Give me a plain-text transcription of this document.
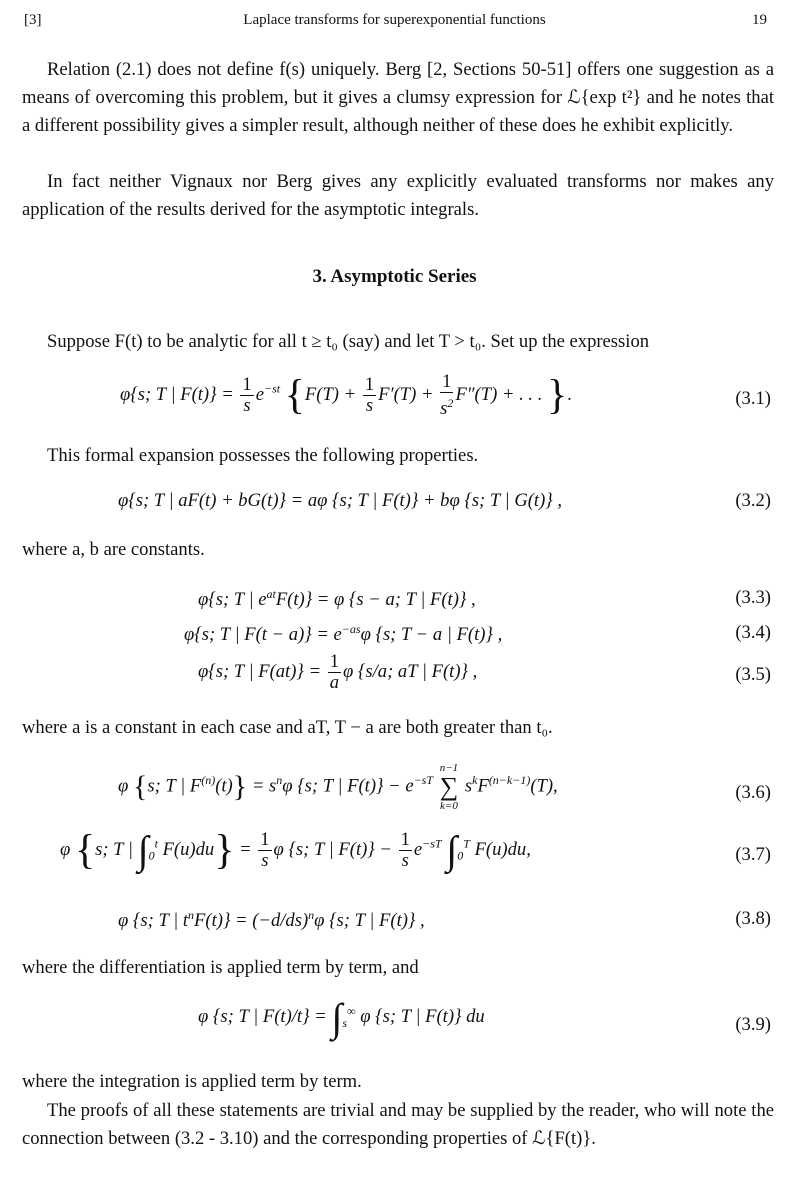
[3]	Laplace transforms for superexponential functions	19

Relation (2.1) does not define f(s) uniquely. Berg [2, Sections 50-51] offers one suggestion as a means of overcoming this problem, but it gives a clumsy expression for ℒ{exp t²} and he notes that a different possibility gives a simpler result, although neither of these does he exhibit explicitly.

In fact neither Vignaux nor Berg gives any explicitly evaluated transforms nor makes any application of the results derived for the asymptotic integrals.

3. Asymptotic Series

Suppose F(t) to be analytic for all t ≥ t₀ (say) and let T > t₀. Set up the expression

φ{s; T | $F(t)\} = \frac{1}{s} e^{-st}$ {$F(T) + \frac{1}{s} F'(T) + \frac{1}{s^2} F''(T)$ + . . . }.	(3.1)

This formal expansion possesses the following properties.

φ{s; T | aF(t) + bG(t)} = aφ {s; T | F(t)} + bφ {s; T | G(t)} ,	(3.2)

where a, b are constants.

φ{s; T | $e^{at}F(t)\} = \varphi$ {s − a; T | F(t)} ,	(3.3)
φ{s; T | $F(t - a)\} = e^{-as}\varphi$ {s; T − a | F(t)} ,	(3.4)
φ{s; T | $F(at)\} = \frac{1}{a}$ φ {s/a; aT | F(t)} ,	(3.5)

where a is a constant in each case and aT, T − a are both greater than t₀.

φ {s; T | $F^{(n)}(t)\} = s^n\varphi$ {s; T | $F(t)\} - e^{-sT}$
n−1
∑
k=0
$s^kF^{(n-k-1)}(T)$,	(3.6)
φ {s; T | $\int_0^t$ $F(u)du\} = \frac{1}{s}$ φ {s; T | $F(t)\} - \frac{1}{s} e^{-sT}$ $\int_0^T$ F(u)du,	(3.7)
φ {s; T | $t^nF(t)\} = (-d/ds)^n\varphi$ {s; T | F(t)} ,	(3.8)

where the differentiation is applied term by term, and

φ {s; T | $F(t)/t\} = \int_s^\infty$ φ {s; T | F(t)} du	(3.9)

where the integration is applied term by term.

The proofs of all these statements are trivial and may be supplied by the reader, who will note the connection between (3.2 - 3.10) and the corresponding properties of ℒ{F(t)}.
